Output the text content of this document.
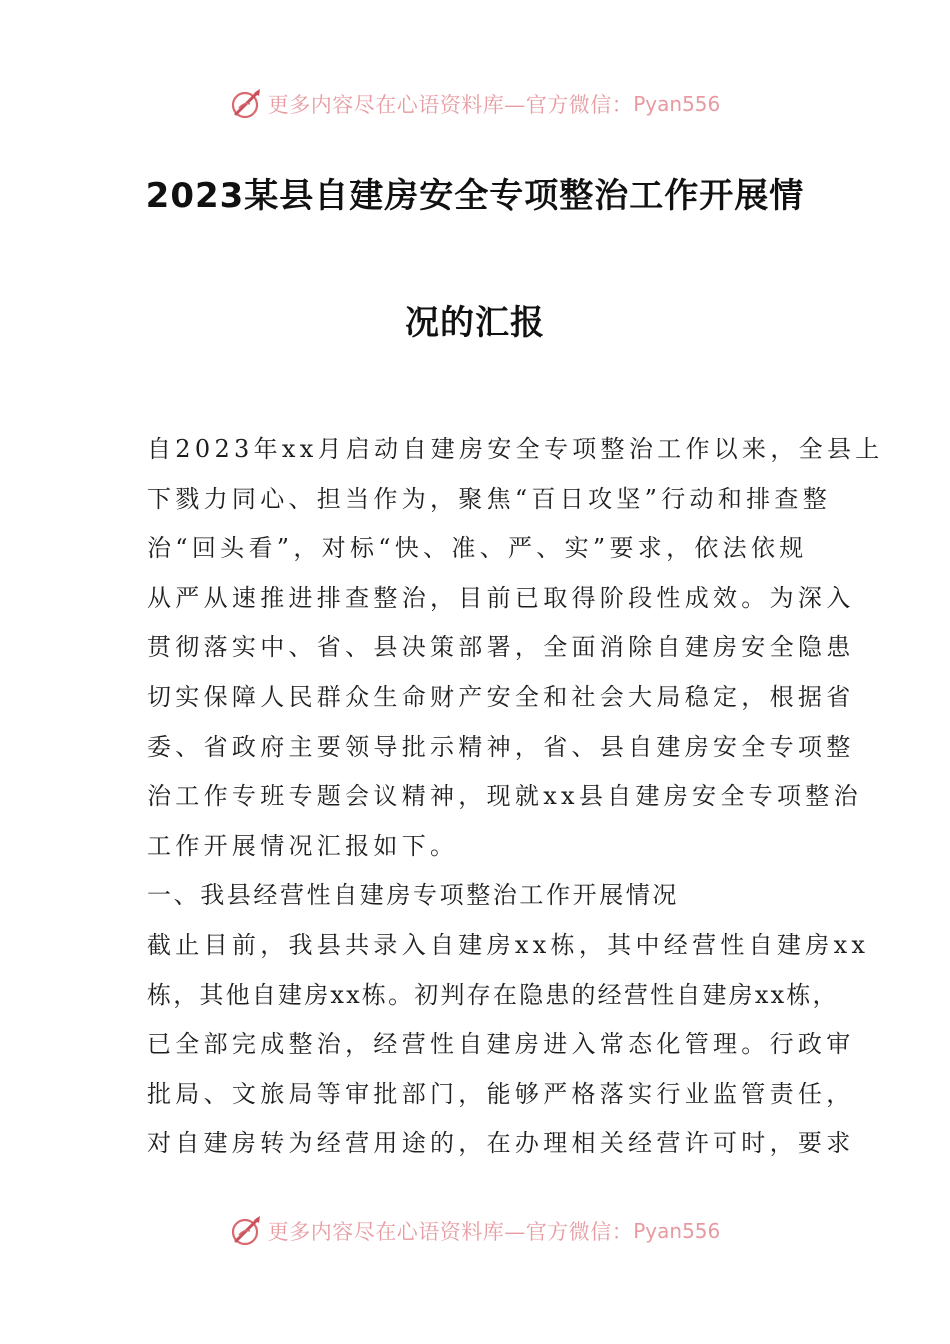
更多内容尽在心语资料库—官方微信： Pyan556
2023某县自建房安全专项整治工作开展情
况的汇报
自2023年xx月启动自建房安全专项整治工作以来，全县上
下戮力同心、担当作为，聚焦“百日攻坚”行动和排查整
治“回头看”，对标“快、准、严、实”要求，依法依规
从严从速推进排查整治，目前已取得阶段性成效。为深入
贯彻落实中、省、县决策部署，全面消除自建房安全隐患
切实保障人民群众生命财产安全和社会大局稳定，根据省
委、省政府主要领导批示精神，省、县自建房安全专项整
治工作专班专题会议精神，现就xx县自建房安全专项整治
工作开展情况汇报如下。
一、我县经营性自建房专项整治工作开展情况
截止目前，我县共录入自建房xx栋，其中经营性自建房xx
栋，其他自建房xx栋。初判存在隐患的经营性自建房xx栋，
已全部完成整治，经营性自建房进入常态化管理。行政审
批局、文旅局等审批部门，能够严格落实行业监管责任，
对自建房转为经营用途的，在办理相关经营许可时，要求
更多内容尽在心语资料库—官方微信： Pyan556
